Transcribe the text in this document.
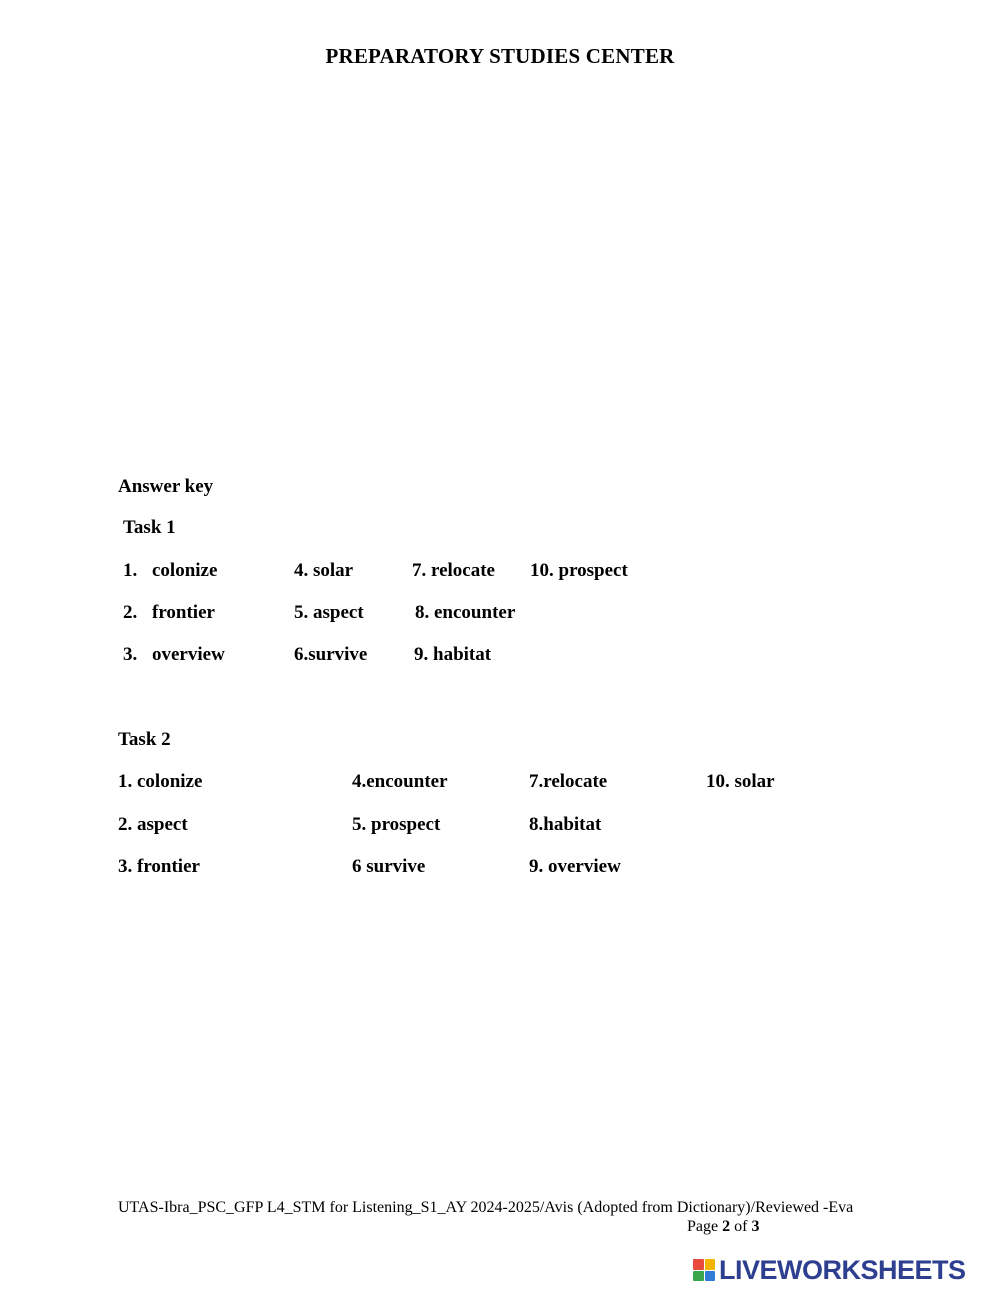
PREPARATORY STUDIES CENTER
Answer key
Task 1
1. colonize	4. solar	7. relocate 10. prospect
2. frontier	5. aspect	8. encounter
3. overview	6.survive 9. habitat
Task 2
1. colonize	4.encounter	7.relocate	10. solar
2. aspect	5. prospect	8.habitat
3. frontier	6 survive	9. overview
UTAS-Ibra_PSC_GFP L4_STM for Listening_S1_AY 2024-2025/Avis (Adopted from Dictionary)/Reviewed -Eva
Page 2 of 3
LIVEWORKSHEETS
